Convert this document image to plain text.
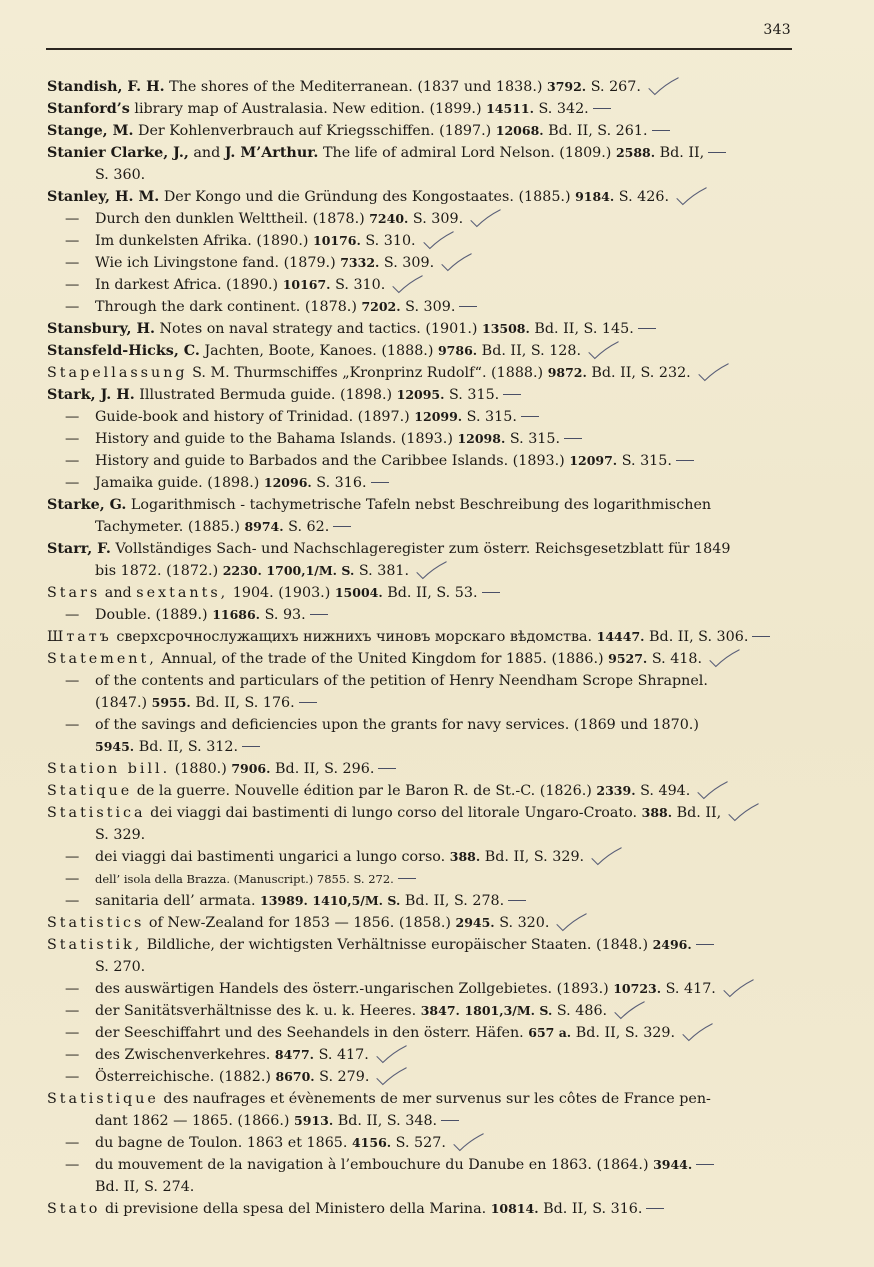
343
Standish, F. H. The shores of the Mediterranean. (1837 und 1838.) 3792. S. 267.
Stanford’s library map of Australasia. New edition. (1899.) 14511. S. 342.
Stange, M. Der Kohlenverbrauch auf Kriegsschiffen. (1897.) 12068. Bd. II, S. 261.
Stanier Clarke, J., and J. M’Arthur. The life of admiral Lord Nelson. (1809.) 2588. Bd. II,
S. 360.
Stanley, H. M. Der Kongo und die Gründung des Kongostaates. (1885.) 9184. S. 426.
— Durch den dunklen Welttheil. (1878.) 7240. S. 309.
— Im dunkelsten Afrika. (1890.) 10176. S. 310.
— Wie ich Livingstone fand. (1879.) 7332. S. 309.
— In darkest Africa. (1890.) 10167. S. 310.
— Through the dark continent. (1878.) 7202. S. 309.
Stansbury, H. Notes on naval strategy and tactics. (1901.) 13508. Bd. II, S. 145.
Stansfeld-Hicks, C. Jachten, Boote, Kanoes. (1888.) 9786. Bd. II, S. 128.
Stapellassung S. M. Thurmschiffes „Kronprinz Rudolf“. (1888.) 9872. Bd. II, S. 232.
Stark, J. H. Illustrated Bermuda guide. (1898.) 12095. S. 315.
— Guide-book and history of Trinidad. (1897.) 12099. S. 315.
— History and guide to the Bahama Islands. (1893.) 12098. S. 315.
— History and guide to Barbados and the Caribbee Islands. (1893.) 12097. S. 315.
— Jamaika guide. (1898.) 12096. S. 316.
Starke, G. Logarithmisch - tachymetrische Tafeln nebst Beschreibung des logarithmischen
Tachymeter. (1885.) 8974. S. 62.
Starr, F. Vollständiges Sach- und Nachschlageregister zum österr. Reichsgesetzblatt für 1849
bis 1872. (1872.) 2230. 1700,1/M. S. S. 381.
Stars and sextants, 1904. (1903.) 15004. Bd. II, S. 53.
— Double. (1889.) 11686. S. 93.
Штатъ сверхсрочнослужащихъ нижнихъ чиновъ морскаго вѣдомства. 14447. Bd. II, S. 306.
Statement, Annual, of the trade of the United Kingdom for 1885. (1886.) 9527. S. 418.
— of the contents and particulars of the petition of Henry Neendham Scrope Shrapnel.
(1847.) 5955. Bd. II, S. 176.
— of the savings and deficiencies upon the grants for navy services. (1869 und 1870.)
5945. Bd. II, S. 312.
Station bill. (1880.) 7906. Bd. II, S. 296.
Statique de la guerre. Nouvelle édition par le Baron R. de St.-C. (1826.) 2339. S. 494.
Statistica dei viaggi dai bastimenti di lungo corso del litorale Ungaro-Croato. 388. Bd. II,
S. 329.
— dei viaggi dai bastimenti ungarici a lungo corso. 388. Bd. II, S. 329.
— dell’ isola della Brazza. (Manuscript.) 7855. S. 272.
— sanitaria dell’ armata. 13989. 1410,5/M. S. Bd. II, S. 278.
Statistics of New-Zealand for 1853 — 1856. (1858.) 2945. S. 320.
Statistik, Bildliche, der wichtigsten Verhältnisse europäischer Staaten. (1848.) 2496.
S. 270.
— des auswärtigen Handels des österr.-ungarischen Zollgebietes. (1893.) 10723. S. 417.
— der Sanitätsverhältnisse des k. u. k. Heeres. 3847. 1801,3/M. S. S. 486.
— der Seeschiffahrt und des Seehandels in den österr. Häfen. 657 a. Bd. II, S. 329.
— des Zwischenverkehres. 8477. S. 417.
— Österreichische. (1882.) 8670. S. 279.
Statistique des naufrages et évènements de mer survenus sur les côtes de France pen-
dant 1862 — 1865. (1866.) 5913. Bd. II, S. 348.
— du bagne de Toulon. 1863 et 1865. 4156. S. 527.
— du mouvement de la navigation à l’embouchure du Danube en 1863. (1864.) 3944.
Bd. II, S. 274.
Stato di previsione della spesa del Ministero della Marina. 10814. Bd. II, S. 316.
